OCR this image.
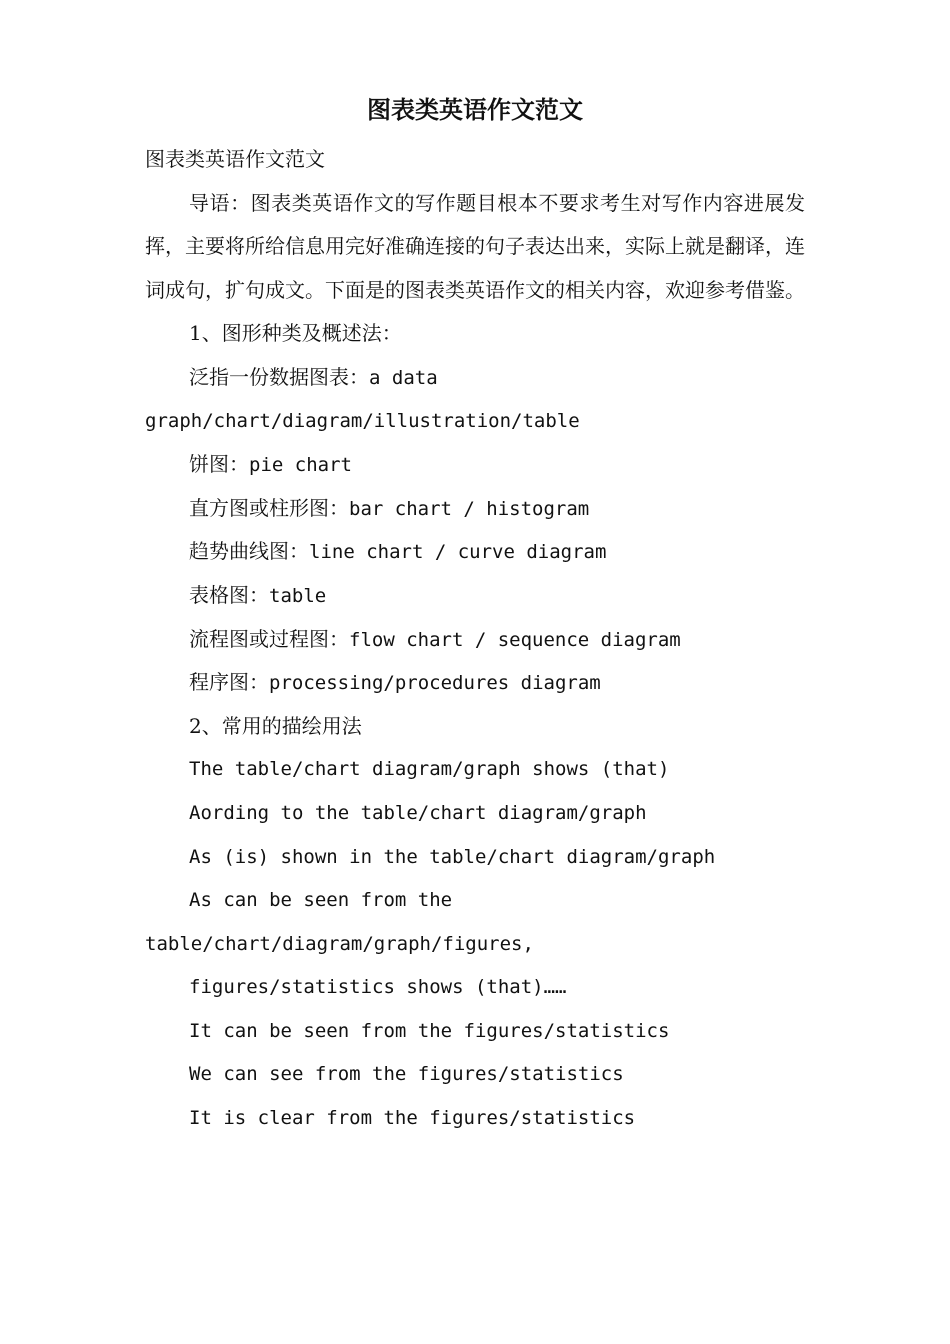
图表类英语作文范文
图表类英语作文范文

导语：图表类英语作文的写作题目根本不要求考生对写作内容进展发挥，主要将所给信息用完好准确连接的句子表达出来，实际上就是翻译，连词成句，扩句成文。下面是的图表类英语作文的相关内容，欢迎参考借鉴。

1、图形种类及概述法：
泛指一份数据图表：a data
graph/chart/diagram/illustration/table
饼图：pie chart
直方图或柱形图：bar chart / histogram
趋势曲线图：line chart / curve diagram
表格图：table
流程图或过程图：flow chart / sequence diagram
程序图：processing/procedures diagram
2、常用的描绘用法
The table/chart diagram/graph shows (that)
Aording to the table/chart diagram/graph
As (is) shown in the table/chart diagram/graph
As can be seen from the
table/chart/diagram/graph/figures,
figures/statistics shows (that)……
It can be seen from the figures/statistics
We can see from the figures/statistics
It is clear from the figures/statistics
